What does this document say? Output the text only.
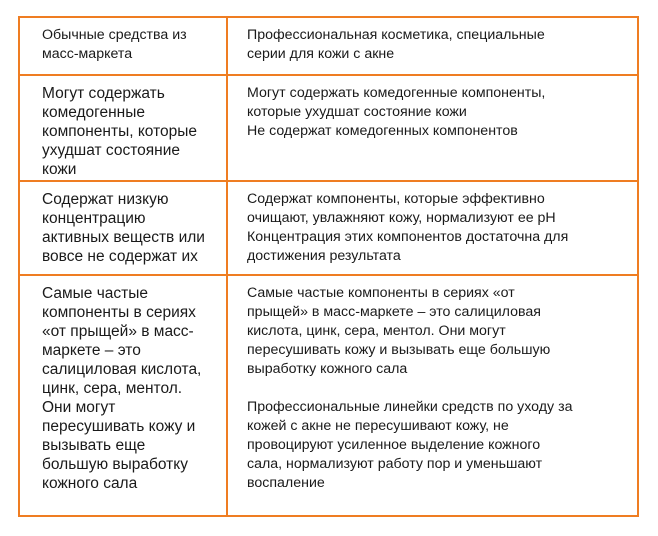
Обычные средства из
масс-маркета
Профессиональная косметика, специальные
серии для кожи с акне
Могут содержать
комедогенные
компоненты, которые
ухудшат состояние
кожи
Могут содержать комедогенные компоненты,
которые ухудшат состояние кожи
Не содержат комедогенных компонентов
Содержат низкую
концентрацию
активных веществ или
вовсе не содержат их
Содержат компоненты, которые эффективно
очищают, увлажняют кожу, нормализуют ее pH
Концентрация этих компонентов достаточна для
достижения результата
Самые частые
компоненты в сериях
«от прыщей» в масс-
маркете – это
салициловая кислота,
цинк, сера, ментол.
Они могут
пересушивать кожу и
вызывать еще
большую выработку
кожного сала
Самые частые компоненты в сериях «от
прыщей» в масс-маркете – это салициловая
кислота, цинк, сера, ментол. Они могут
пересушивать кожу и вызывать еще большую
выработку кожного сала
Профессиональные линейки средств по уходу за
кожей с акне не пересушивают кожу, не
провоцируют усиленное выделение кожного
сала, нормализуют работу пор и уменьшают
воспаление
